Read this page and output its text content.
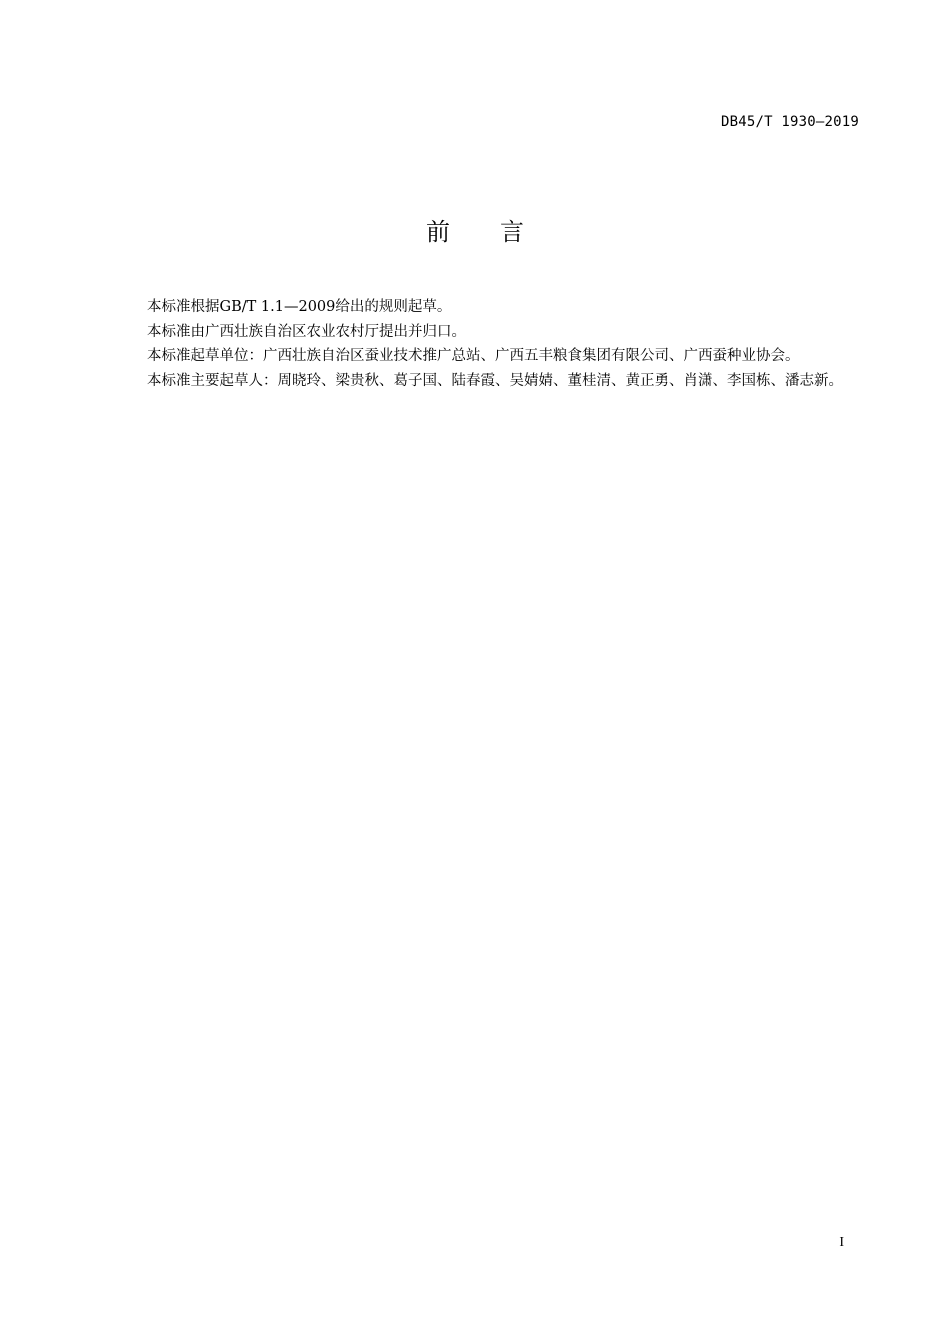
DB45/T 1930—2019
前 言

本标准根据GB/T 1.1—2009给出的规则起草。

本标准由广西壮族自治区农业农村厅提出并归口。

本标准起草单位：广西壮族自治区蚕业技术推广总站、广西五丰粮食集团有限公司、广西蚕种业协会。

本标准主要起草人：周晓玲、梁贵秋、葛子国、陆春霞、吴婧婧、董桂清、黄正勇、肖潇、李国栋、潘志新。

I
